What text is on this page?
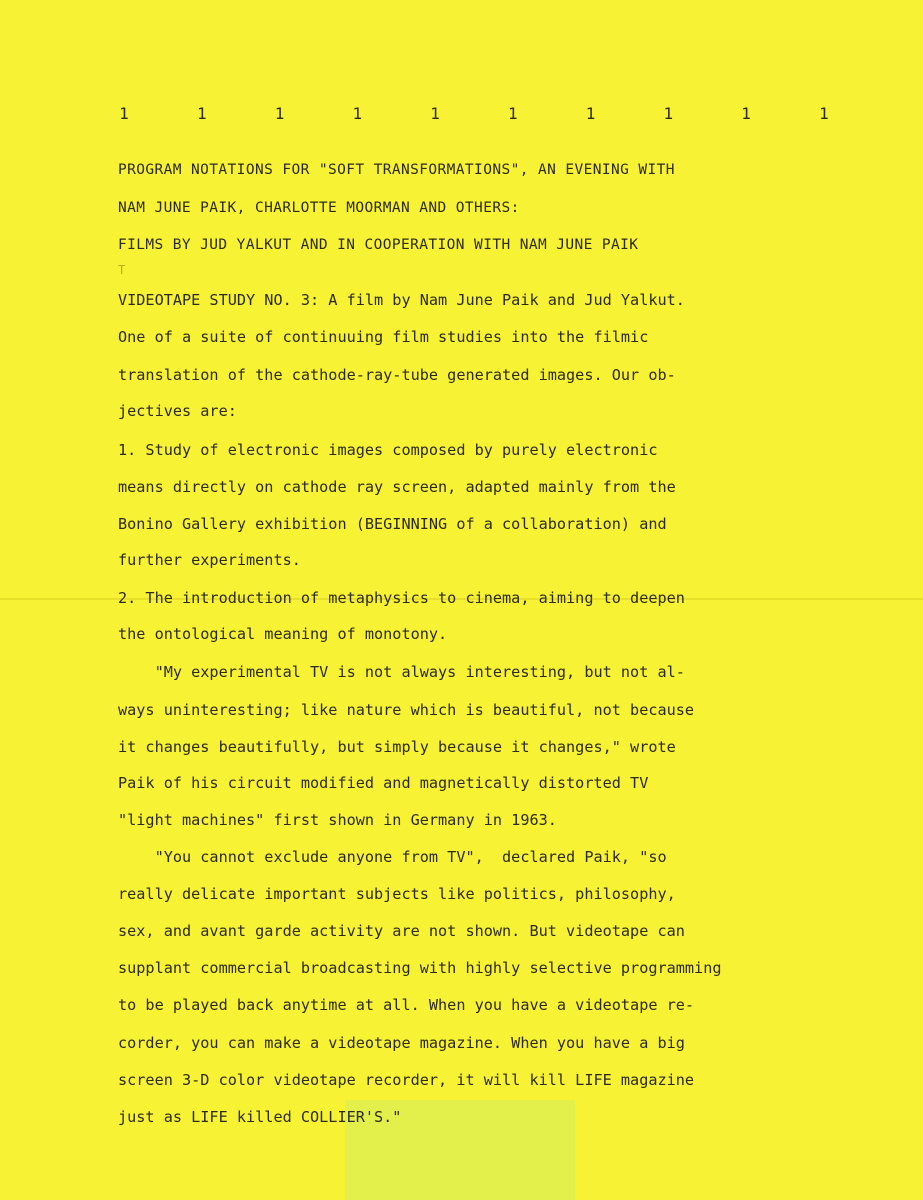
1	1	1	1	1	1	1	1	1	1
PROGRAM NOTATIONS FOR "SOFT TRANSFORMATIONS", AN EVENING WITH
NAM JUNE PAIK, CHARLOTTE MOORMAN AND OTHERS:
FILMS BY JUD YALKUT AND IN COOPERATION WITH NAM JUNE PAIK
T
VIDEOTAPE STUDY NO. 3: A film by Nam June Paik and Jud Yalkut.
One of a suite of continuuing film studies into the filmic
translation of the cathode-ray-tube generated images. Our ob-
jectives are:
1. Study of electronic images composed by purely electronic
means directly on cathode ray screen, adapted mainly from the
Bonino Gallery exhibition (BEGINNING of a collaboration) and
further experiments.
2. The introduction of metaphysics to cinema, aiming to deepen
the ontological meaning of monotony.
"My experimental TV is not always interesting, but not al-
ways uninteresting; like nature which is beautiful, not because
it changes beautifully, but simply because it changes," wrote
Paik of his circuit modified and magnetically distorted TV
"light machines" first shown in Germany in 1963.
"You cannot exclude anyone from TV",  declared Paik, "so
really delicate important subjects like politics, philosophy,
sex, and avant garde activity are not shown. But videotape can
supplant commercial broadcasting with highly selective programming
to be played back anytime at all. When you have a videotape re-
corder, you can make a videotape magazine. When you have a big
screen 3-D color videotape recorder, it will kill LIFE magazine
just as LIFE killed COLLIER'S."
